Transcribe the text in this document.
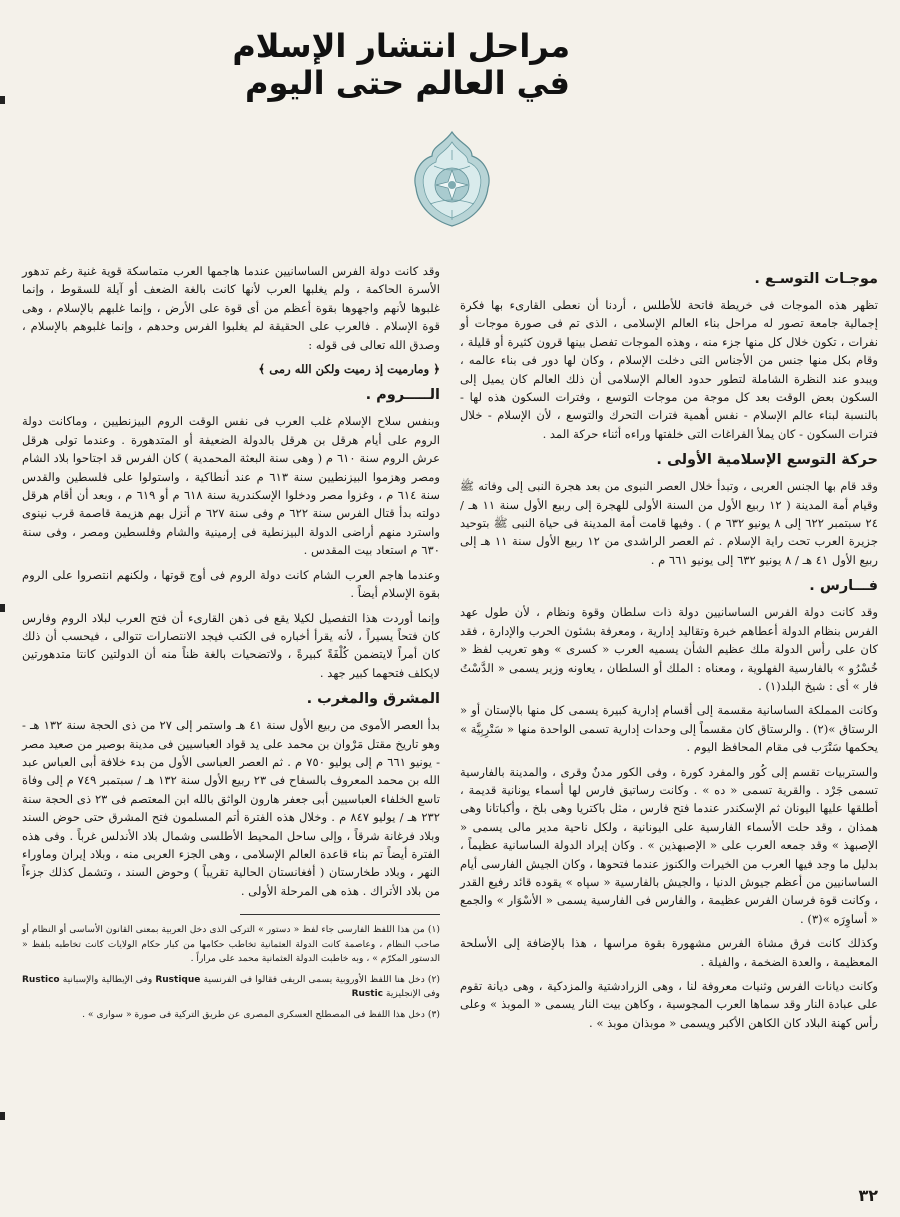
مراحل انتشار الإسلام
في العالم حتى اليوم
موجـات التوسـع .

تظهر هذه الموجات فى خريطة فاتحة للأطلس ، أردنا أن نعطى القارىء بها فكرة إجمالية جامعة تصور له مراحل بناء العالم الإسلامى ، الذى تم فى صورة موجات أو نفرات ، تكون خلال كل منها جزء منه ، وهذه الموجات تفصل بينها قرون كثيرة أو قليلة ، وقام بكل منها جنس من الأجناس التى دخلت الإسلام ، وكان لها دور فى بناء عالمه ، ويبدو عند النظرة الشاملة لتطور حدود العالم الإسلامى أن ذلك العالم كان يميل إلى السكون بعض الوقت بعد كل موجة من موجات التوسع ، وفترات السكون هذه لها - بالنسبة لبناء عالم الإسلام - نفس أهمية فترات التحرك والتوسع ، لأن الإسلام - خلال فترات السكون - كان يملأ الفراغات التى خلفتها وراءه أثناء حركة المد .

حركة التوسع الإسلامية الأولى .

وقد قام بها الجنس العربى ، وتبدأ خلال العصر النبوى من بعد هجرة النبى إلى وفاته ﷺ وقيام أمة المدينة ( ١٢ ربيع الأول من السنة الأولى للهجرة إلى ربيع الأول سنة ١١ هـ / ٢٤ سبتمبر ٦٢٢ إلى ٨ يونيو ٦٣٢ م ) . وفيها قامت أمة المدينة فى حياة النبى ﷺ بتوحيد جزيرة العرب تحت راية الإسلام . ثم العصر الراشدى من ١٢ ربيع الأول سنة ١١ هـ إلى ربيع الأول ٤١ هـ / ٨ يونيو ٦٣٢ إلى يونيو ٦٦١ م .

فـــارس .

وقد كانت دولة الفرس الساسانيين دولة ذات سلطان وقوة ونظام ، لأن طول عهد الفرس بنظام الدولة أعطاهم خبرة وتقاليد إدارية ، ومعرفة بشئون الحرب والإدارة ، فقد كان على رأس الدولة ملك عظيم الشأن يسميه العرب « كسرى » وهو تعريب لفظ « خُسْرُو » بالفارسية الفهلوية ، ومعناه : الملك أو السلطان ، يعاونه وزير يسمى « الدَّسْتُ فار » أى : شيخ البلد(١) .

وكانت المملكة الساسانية مقسمة إلى أقسام إدارية كبيرة يسمى كل منها بالإستان أو « الرستاق »(٢) . والرستاق كان مقسماً إلى وحدات إدارية تسمى الواحدة منها « سَتْرِبِيَّة » يحكمها سَتْرَب فى مقام المحافظ اليوم .

والستربيات تقسم إلى كُور والمفرد كورة ، وفى الكور مدنٌ وقرى ، والمدينة بالفارسية تسمى جَرْد . والقرية تسمى « ده » . وكانت رساتيق فارس لها أسماء يونانية قديمة ، أطلقها عليها اليونان ثم الإسكندر عندما فتح فارس ، مثل باكتريا وهى بلخ ، وأكباتانا وهى همذان ، وقد حلت الأسماء الفارسية على اليونانية ، ولكل ناحية مدير مالى يسمى « الإصبهذ » وقد جمعه العرب على « الإصبهذين » . وكان إيراد الدولة الساسانية عظيماً ، بدليل ما وجد فيها العرب من الخيرات والكنوز عندما فتحوها ، وكان الجيش الفارسى أيام الساسانيين من أعظم جيوش الدنيا ، والجيش بالفارسية « سپاه » يقوده قائد رفيع القدر ، وكانت قوة فرسان الفرس عظيمة ، والفارس فى الفارسية يسمى « الأسْوَار » والجمع « أساوِرَه »(٣) .

وكذلك كانت فرق مشاة الفرس مشهورة بقوة مراسها ، هذا بالإضافة إلى الأسلحة المعظيمة ، والعدة الضخمة ، والفيلة .

وكانت ديانات الفرس وثنيات معروفة لنا ، وهى الزرادشتية والمزدكية ، وهى ديانة تقوم على عبادة النار وقد سماها العرب المجوسية ، وكاهن بيت النار يسمى « الموبذ » وعلى رأس كهنة البلاد كان الكاهن الأكبر ويسمى « موبذان موبذ » .

وقد كانت دولة الفرس الساسانيين عندما هاجمها العرب متماسكة قوية غنية رغم تدهور الأسرة الحاكمة ، ولم يغلبها العرب لأنها كانت بالغة الضعف أو آيلة للسقوط ، وإنما غلبوها لأنهم واجهوها بقوة أعظم من أى قوة على الأرض ، وإنما غلبهم بالإسلام ، وهى قوة الإسلام . فالعرب على الحقيقة لم يغلبوا الفرس وحدهم ، وإنما غلبوهم بالإسلام ، وصدق الله تعالى فى قوله :

﴿ ومارميت إذ رميت ولكن الله رمى ﴾

الـــــروم .

وبنفس سلاح الإسلام غلب العرب فى نفس الوقت الروم البيزنطيين ، وماكانت دولة الروم على أيام هرقل بن هرقل بالدولة الضعيفة أو المتدهورة . وعندما تولى هرقل عرش الروم سنة ٦١٠ م ( وهى سنة البعثة المحمدية ) كان الفرس قد اجتاحوا بلاد الشام ومصر وهزموا البيزنطيين سنة ٦١٣ م عند أنطاكية ، واستولوا على فلسطين والقدس سنة ٦١٤ م ، وغزوا مصر ودخلوا الإسكندرية سنة ٦١٨ م أو ٦١٩ م ، وبعد أن أقام هرقل دولته بدأ قتال الفرس سنة ٦٢٢ م وفى سنة ٦٢٧ م أنزل بهم هزيمة قاصمة قرب نينوى واسترد منهم أراضى الدولة البيزنطية فى إرمينية والشام وفلسطين ومصر ، وفى سنة ٦٣٠ م استعاد بيت المقدس .

وعندما هاجم العرب الشام كانت دولة الروم فى أوج قوتها ، ولكنهم انتصروا على الروم بقوة الإسلام أيضاً .

وإنما أوردت هذا التفصيل لكيلا يقع فى ذهن القارىء أن فتح العرب لبلاد الروم وفارس كان فتحاً يسيراً ، لأنه يقرأ أخباره فى الكتب فيجد الانتصارات تتوالى ، فيحسب أن ذلك كان أمراً لايتضمن كُلْفَةً كبيرةً ، ولاتضحيات بالغة ظناً منه أن الدولتين كانتا متدهورتين لايكلف فتحهما كبير جهد .

المشرق والمغرب .

بدأ العصر الأموى من ربيع الأول سنة ٤١ هـ واستمر إلى ٢٧ من ذى الحجة سنة ١٣٢ هـ - وهو تاريخ مقتل مَرْوان بن محمد على يد قواد العباسيين فى مدينة بوصير من صعيد مصر - يونيو ٦٦١ م إلى يوليو ٧٥٠ م . ثم العصر العباسى الأول من بدء خلافة أبى العباس عبد الله بن محمد المعروف بالسفاح فى ٢٣ ربيع الأول سنة ١٣٢ هـ / سبتمبر ٧٤٩ م إلى وفاة تاسع الخلفاء العباسيين أبى جعفر هارون الواثق بالله ابن المعتصم فى ٢٣ ذى الحجة سنة ٢٣٢ هـ / يوليو ٨٤٧ م . وخلال هذه الفترة أتم المسلمون فتح المشرق حتى حوض السند وبلاد فرغانة شرقاً ، وإلى ساحل المحيط الأطلسى وشمال بلاد الأندلس غرباً . وفى هذه الفترة أيضاً تم بناء قاعدة العالم الإسلامى ، وهى الجزء العربى منه ، وبلاد إيران وماوراء النهر ، وبلاد طخارستان ( أفغانستان الحالية تقريباً ) وحوض السند ، وتشمل كذلك جزءاً من بلاد الأتراك . هذه هى المرحلة الأولى .

(١) من هذا اللفظ الفارسى جاء لفظ « دستور » التركى الذى دخل العربية بمعنى القانون الأساسى أو النظام أو صاحب النظام ، وعاصمة كانت الدولة العثمانية تخاطب حكامها من كبار حكام الولايات كانت تخاطبه بلفظ « الدستور المكرّم » ، وبه خاطبت الدولة العثمانية محمد على مراراً .

(٢) دخل هنا اللفظ الأوروبية يسمى الريفى فقالوا فى الفرنسية Rustique وفى الإيطالية والإسبانية Rustico وفى الإنجليزية Rustic

(٣) دخل هذا اللفظ فى المصطلح العسكرى المصرى عن طريق التركية فى صورة « سوارى » .

٣٢
